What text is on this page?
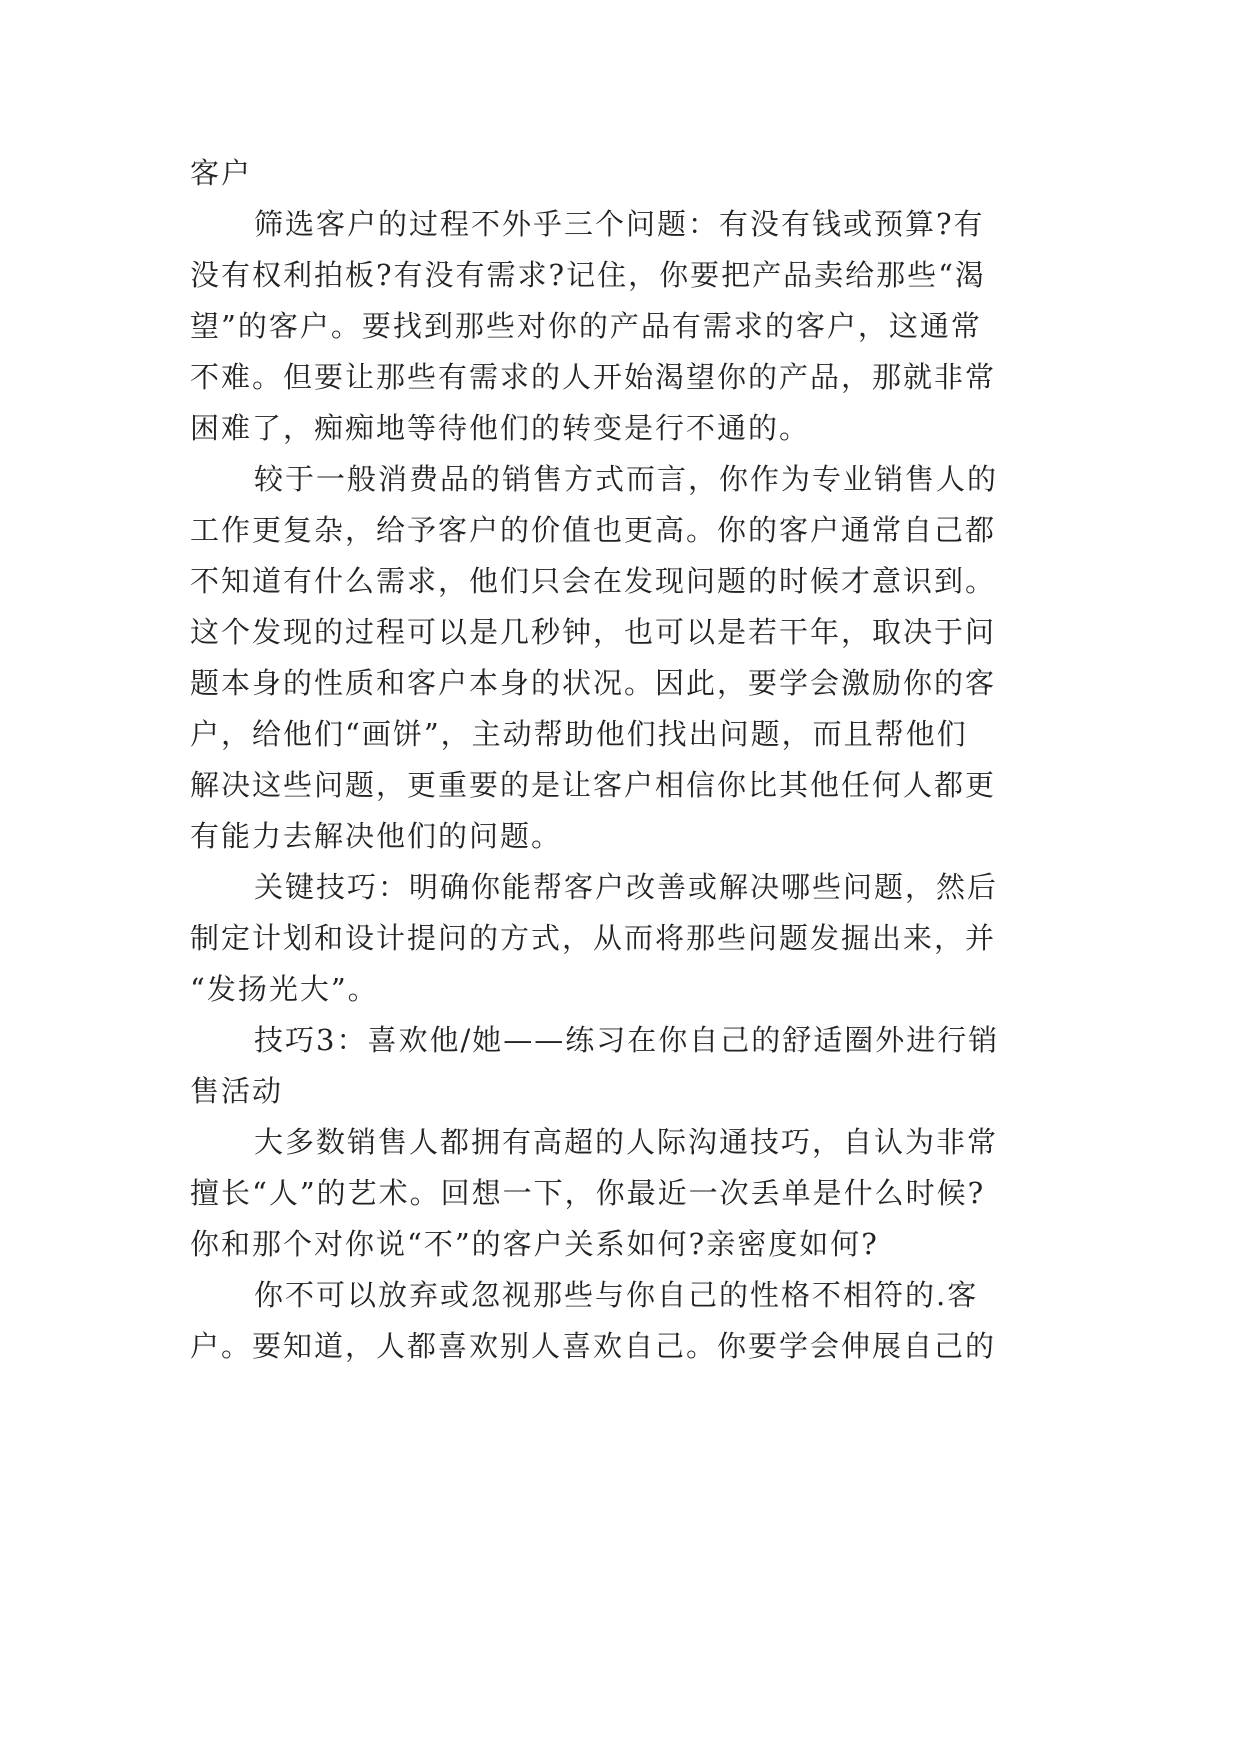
客户
筛选客户的过程不外乎三个问题：有没有钱或预算?有
没有权利拍板?有没有需求?记住，你要把产品卖给那些“渴
望”的客户。要找到那些对你的产品有需求的客户，这通常
不难。但要让那些有需求的人开始渴望你的产品，那就非常
困难了，痴痴地等待他们的转变是行不通的。
较于一般消费品的销售方式而言，你作为专业销售人的
工作更复杂，给予客户的价值也更高。你的客户通常自己都
不知道有什么需求，他们只会在发现问题的时候才意识到。
这个发现的过程可以是几秒钟，也可以是若干年，取决于问
题本身的性质和客户本身的状况。因此，要学会激励你的客
户，给他们“画饼”，主动帮助他们找出问题，而且帮他们
解决这些问题，更重要的是让客户相信你比其他任何人都更
有能力去解决他们的问题。
关键技巧：明确你能帮客户改善或解决哪些问题，然后
制定计划和设计提问的方式，从而将那些问题发掘出来，并
“发扬光大”。
技巧3：喜欢他/她——练习在你自己的舒适圈外进行销
售活动
大多数销售人都拥有高超的人际沟通技巧，自认为非常
擅长“人”的艺术。回想一下，你最近一次丢单是什么时候?
你和那个对你说“不”的客户关系如何?亲密度如何?
你不可以放弃或忽视那些与你自己的性格不相符的.客
户。要知道，人都喜欢别人喜欢自己。你要学会伸展自己的
